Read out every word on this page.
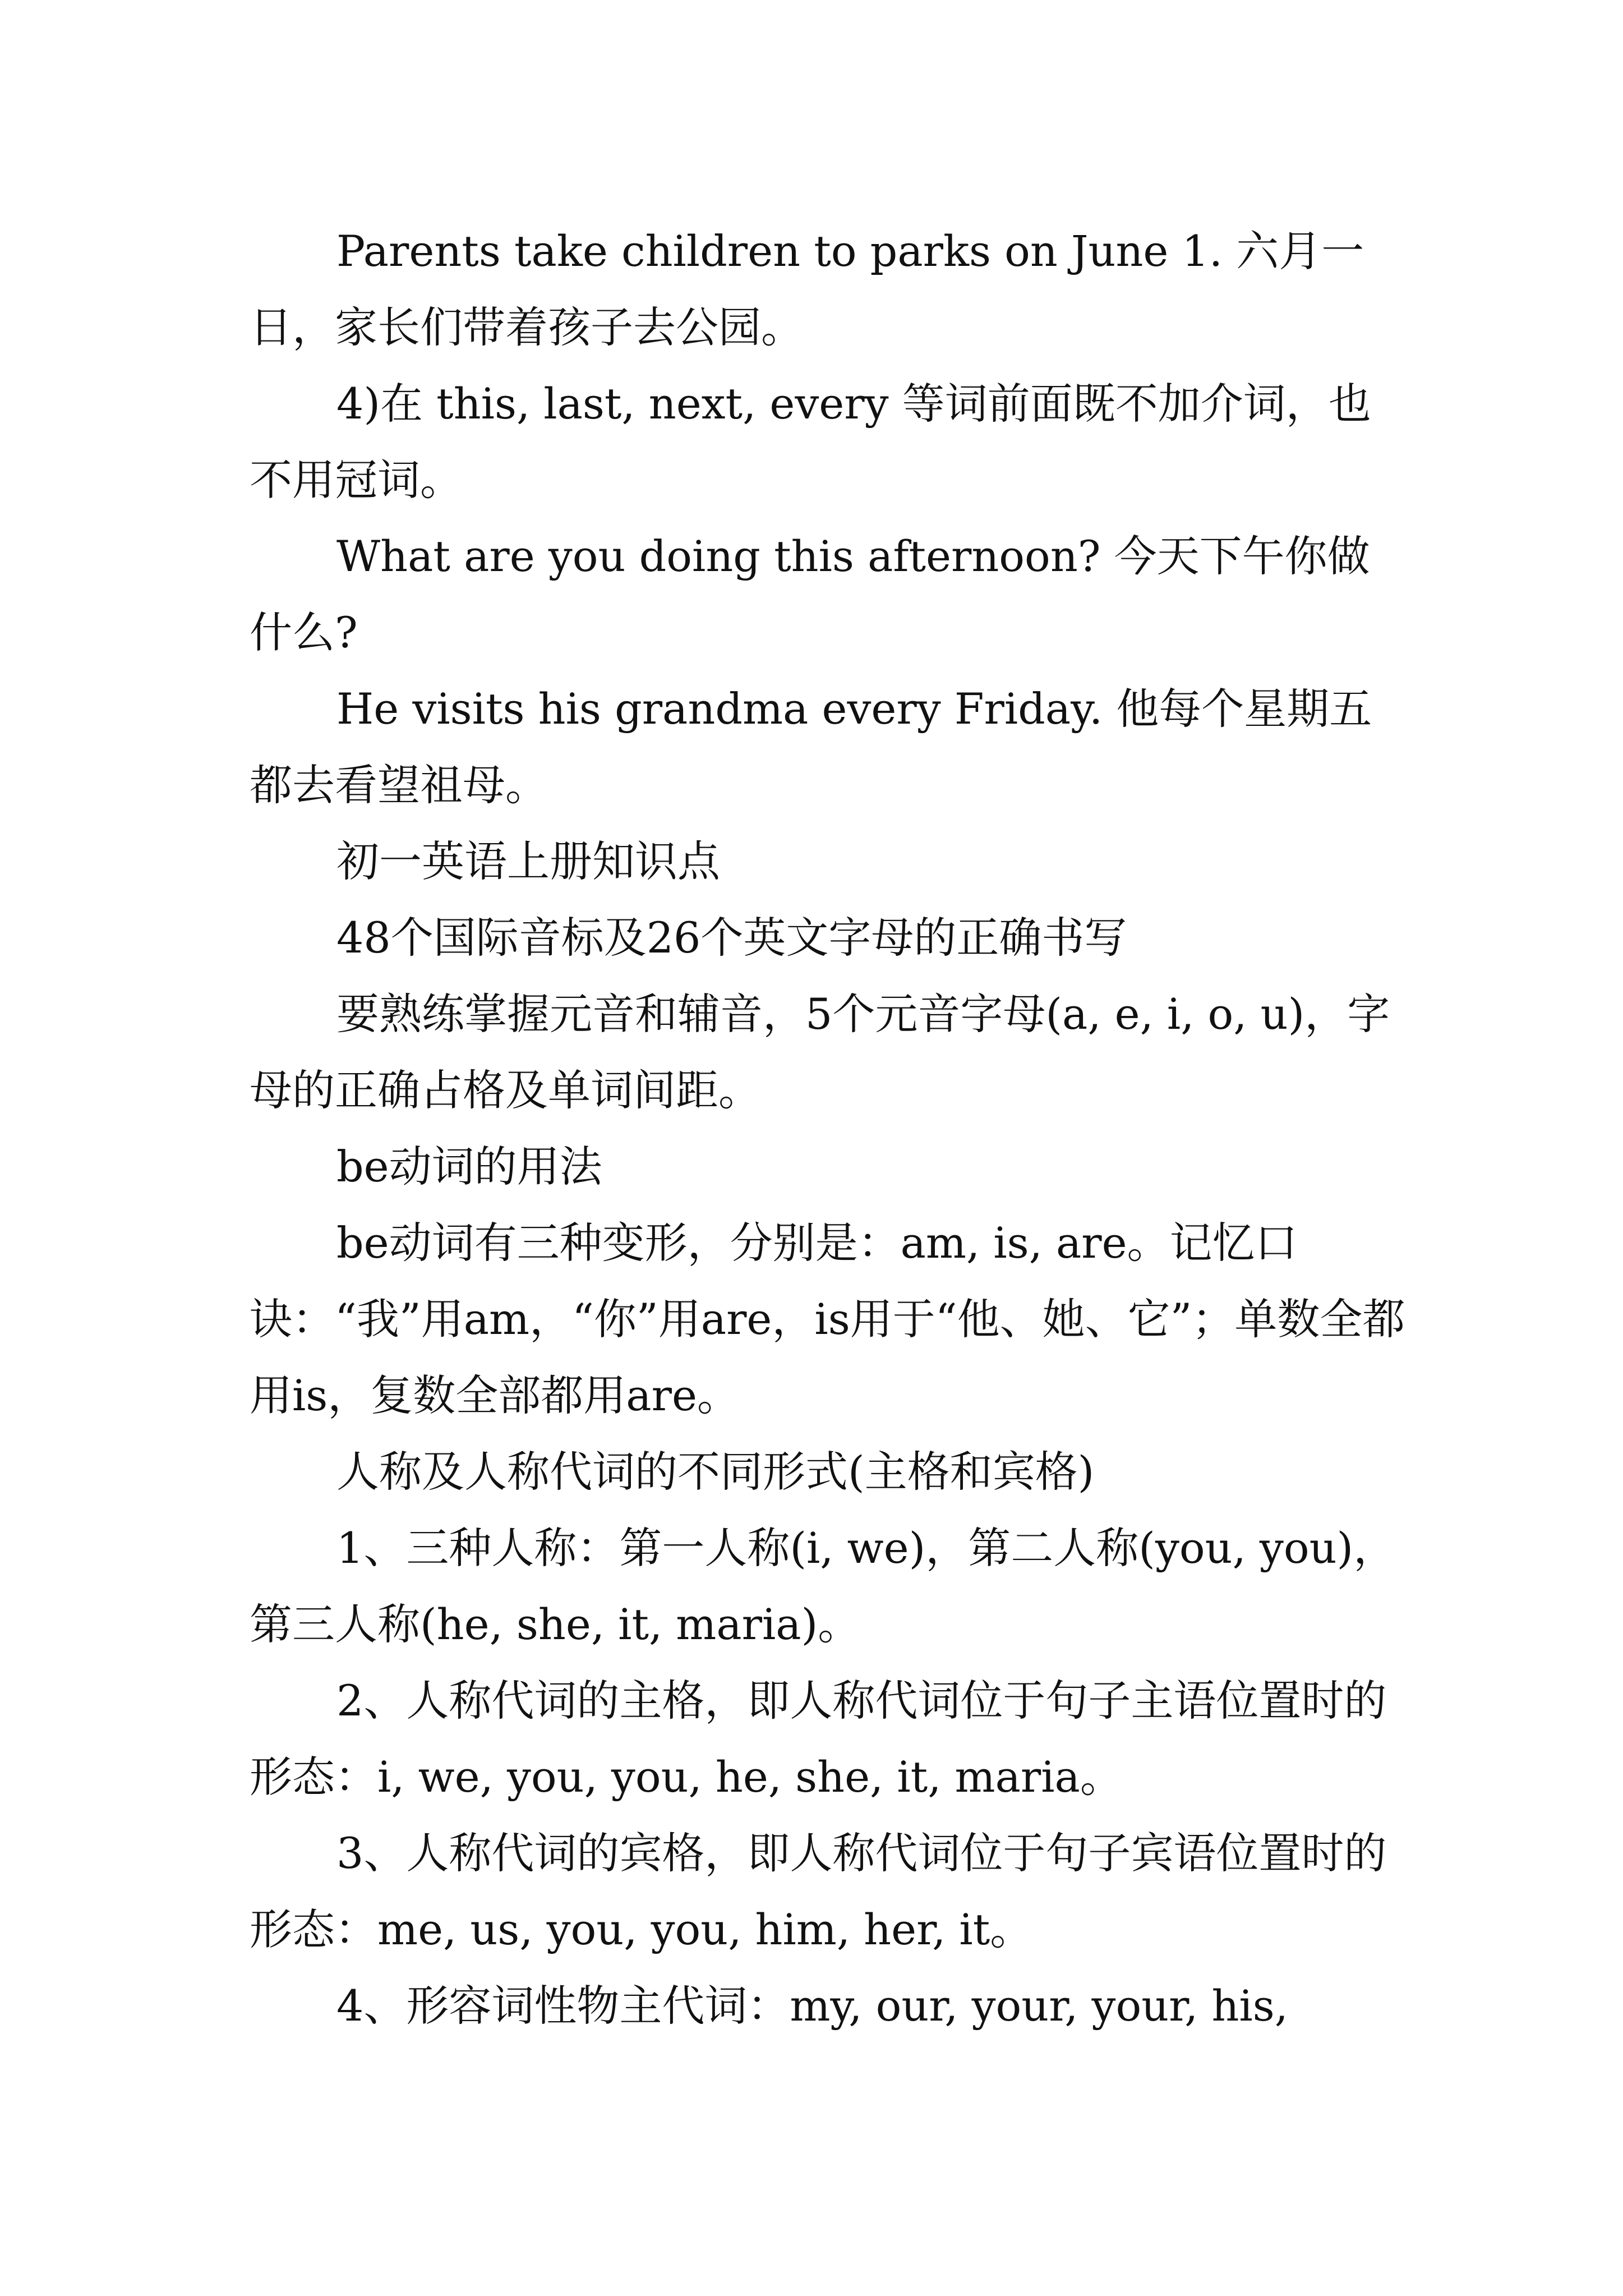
Parents take children to parks on June 1. 六月一日，家长们带着孩子去公园。

4)在 this, last, next, every 等词前面既不加介词，也不用冠词。

What are you doing this afternoon? 今天下午你做什么?

He visits his grandma every Friday. 他每个星期五都去看望祖母。

初一英语上册知识点

48个国际音标及26个英文字母的正确书写

要熟练掌握元音和辅音，5个元音字母(a, e, i, o, u)，字母的正确占格及单词间距。

be动词的用法

be动词有三种变形，分别是：am, is, are。记忆口诀：“我”用am，“你”用are，is用于“他、她、它”；单数全都用is，复数全部都用are。

人称及人称代词的不同形式(主格和宾格)

1、三种人称：第一人称(i, we)，第二人称(you, you)，第三人称(he, she, it, maria)。

2、人称代词的主格，即人称代词位于句子主语位置时的形态：i, we, you, you, he, she, it, maria。

3、人称代词的宾格，即人称代词位于句子宾语位置时的形态：me, us, you, you, him, her, it。

4、形容词性物主代词：my, our, your, your, his,
